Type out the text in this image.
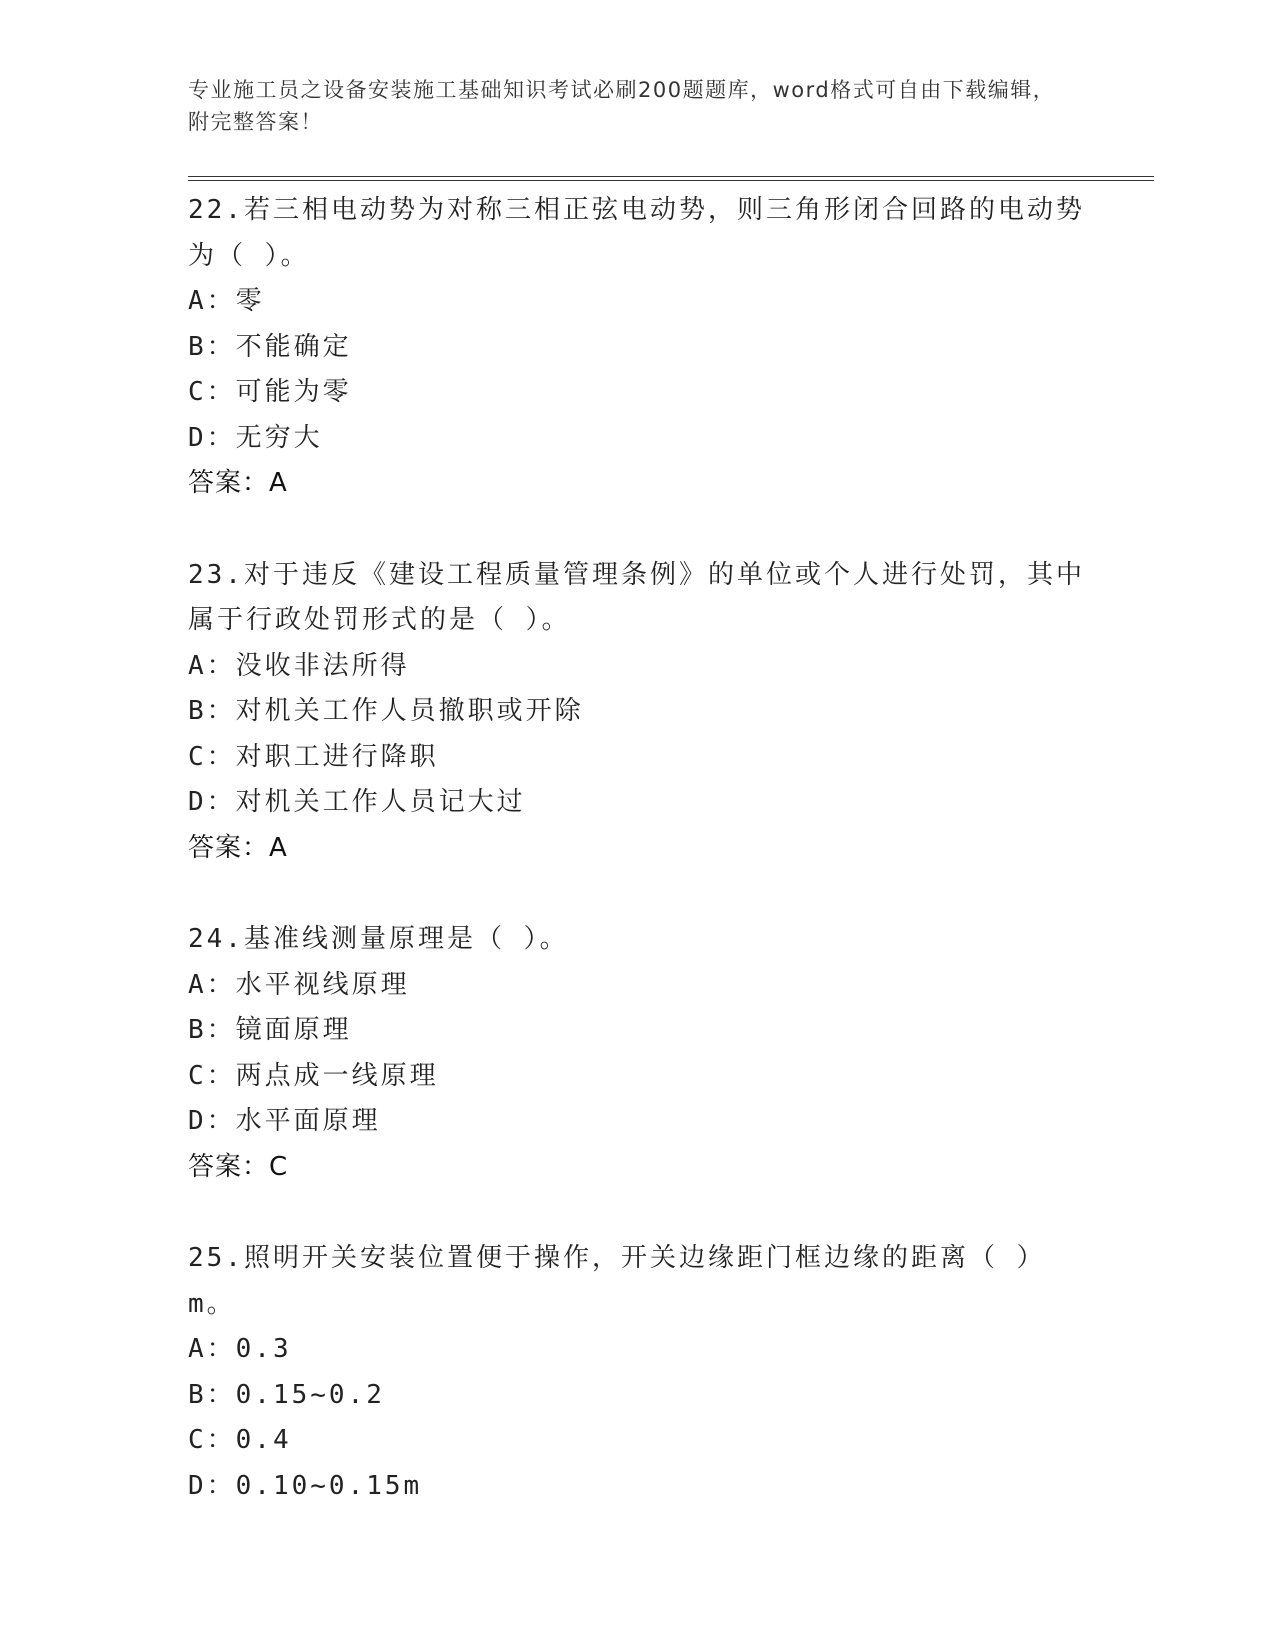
专业施工员之设备安装施工基础知识考试必刷200题题库，word格式可自由下载编辑，附完整答案！
22.若三相电动势为对称三相正弦电动势，则三角形闭合回路的电动势为（ ）。
A：零
B：不能确定
C：可能为零
D：无穷大
答案：A
23.对于违反《建设工程质量管理条例》的单位或个人进行处罚，其中属于行政处罚形式的是（ ）。
A：没收非法所得
B：对机关工作人员撤职或开除
C：对职工进行降职
D：对机关工作人员记大过
答案：A
24.基准线测量原理是（ ）。
A：水平视线原理
B：镜面原理
C：两点成一线原理
D：水平面原理
答案：C
25.照明开关安装位置便于操作，开关边缘距门框边缘的距离（ ）m。
A：0.3
B：0.15~0.2
C：0.4
D：0.10~0.15m
